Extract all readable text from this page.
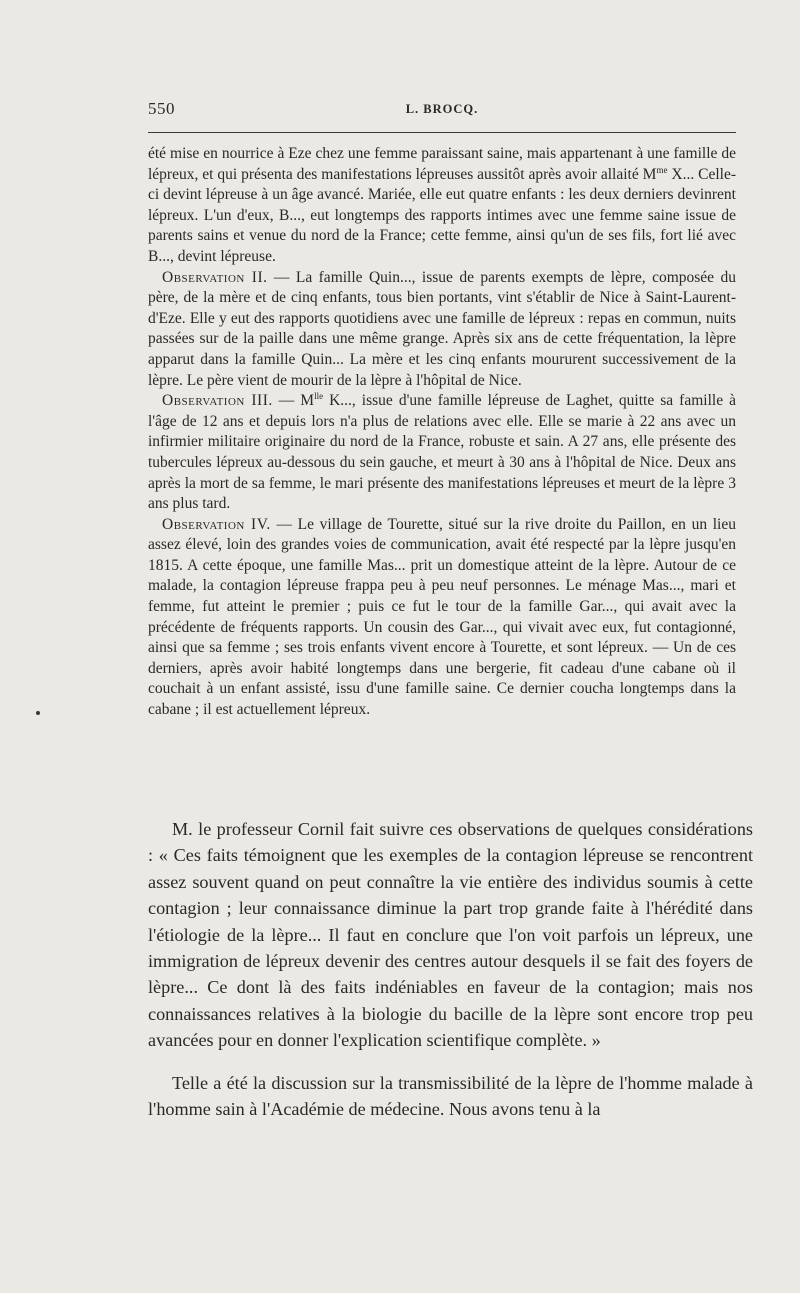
550	L. BROCQ.

été mise en nourrice à Eze chez une femme paraissant saine, mais appartenant à une famille de lépreux, et qui présenta des manifestations lépreuses aussitôt après avoir allaité $M^{me}$ X... Celle-ci devint lépreuse à un âge avancé. Mariée, elle eut quatre enfants : les deux derniers devinrent lépreux. L'un d'eux, B..., eut longtemps des rapports intimes avec une femme saine issue de parents sains et venue du nord de la France; cette femme, ainsi qu'un de ses fils, fort lié avec B..., devint lépreuse.

Observation II. — La famille Quin..., issue de parents exempts de lèpre, composée du père, de la mère et de cinq enfants, tous bien portants, vint s'établir de Nice à Saint-Laurent-d'Eze. Elle y eut des rapports quotidiens avec une famille de lépreux : repas en commun, nuits passées sur de la paille dans une même grange. Après six ans de cette fréquentation, la lèpre apparut dans la famille Quin... La mère et les cinq enfants moururent successivement de la lèpre. Le père vient de mourir de la lèpre à l'hôpital de Nice.

Observation III. — $M^{lle}$ K..., issue d'une famille lépreuse de Laghet, quitte sa famille à l'âge de 12 ans et depuis lors n'a plus de relations avec elle. Elle se marie à 22 ans avec un infirmier militaire originaire du nord de la France, robuste et sain. A 27 ans, elle présente des tubercules lépreux au-dessous du sein gauche, et meurt à 30 ans à l'hôpital de Nice. Deux ans après la mort de sa femme, le mari présente des manifestations lépreuses et meurt de la lèpre 3 ans plus tard.

Observation IV. — Le village de Tourette, situé sur la rive droite du Paillon, en un lieu assez élevé, loin des grandes voies de communication, avait été respecté par la lèpre jusqu'en 1815. A cette époque, une famille Mas... prit un domestique atteint de la lèpre. Autour de ce malade, la contagion lépreuse frappa peu à peu neuf personnes. Le ménage Mas..., mari et femme, fut atteint le premier ; puis ce fut le tour de la famille Gar..., qui avait avec la précédente de fréquents rapports. Un cousin des Gar..., qui vivait avec eux, fut contagionné, ainsi que sa femme ; ses trois enfants vivent encore à Tourette, et sont lépreux. — Un de ces derniers, après avoir habité longtemps dans une bergerie, fit cadeau d'une cabane où il couchait à un enfant assisté, issu d'une famille saine. Ce dernier coucha longtemps dans la cabane ; il est actuellement lépreux.

M. le professeur Cornil fait suivre ces observations de quelques considérations : « Ces faits témoignent que les exemples de la contagion lépreuse se rencontrent assez souvent quand on peut connaître la vie entière des individus soumis à cette contagion ; leur connaissance diminue la part trop grande faite à l'hérédité dans l'étiologie de la lèpre... Il faut en conclure que l'on voit parfois un lépreux, une immigration de lépreux devenir des centres autour desquels il se fait des foyers de lèpre... Ce dont là des faits indéniables en faveur de la contagion; mais nos connaissances relatives à la biologie du bacille de la lèpre sont encore trop peu avancées pour en donner l'explication scientifique complète. »

Telle a été la discussion sur la transmissibilité de la lèpre de l'homme malade à l'homme sain à l'Académie de médecine. Nous avons tenu à la
